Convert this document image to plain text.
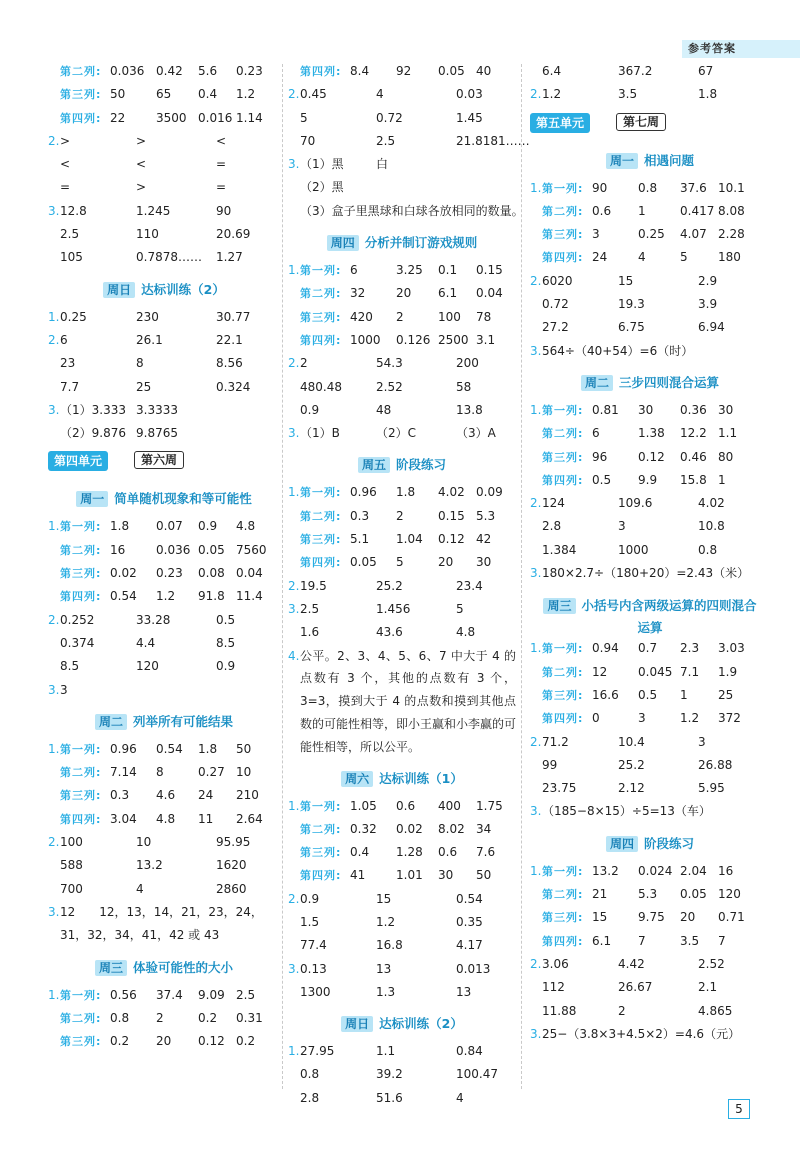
参考答案
第二列: 0.036 0.42 5.6 0.23
第三列: 50	65 0.4 1.2
第四列: 22	3500 0.016 1.14
2. >	>	<
<	<	=
=	>	=
3. 12.8	1.245	90
2.5	110	20.69
105	0.7878…… 1.27
周日 达标训练（2）
1. 0.25	230	30.77
2. 6	26.1	22.1
23	8	8.56
7.7	25	0.324
3. （1）3.333 3.3333
（2）9.876 9.8765
第四单元	第六周
周一 简单随机现象和等可能性
1. 第一列: 1.8 0.07 0.9 4.8
第二列: 16	0.036 0.05 7560
第三列: 0.02 0.23 0.08 0.04
第四列: 0.54 1.2 91.8 11.4
2. 0.252	33.28	0.5
0.374	4.4	8.5
8.5	120	0.9
3. 3
周二 列举所有可能结果
1. 第一列: 0.96 0.54 1.8 50
第二列: 7.14 8	0.27 10
第三列: 0.3 4.6 24 210
第四列: 3.04 4.8 11 2.64
2. 100	10	95.95
588	13.2	1620
700	4	2860
3. 12　　12，13，14，21，23，24，
31，32，34，41，42 或 43
周三 体验可能性的大小
1. 第一列: 0.56 37.4 9.09 2.5
第二列: 0.8 2	0.2 0.31
第三列: 0.2 20 0.12 0.2
第四列: 8.4 92 0.05 40
2. 0.45	4	0.03
5	0.72	1.45
70	2.5	21.8181……
3. （1）黑	白
（2）黑
（3）盒子里黑球和白球各放相同的数量。
周四 分析并制订游戏规则
1. 第一列: 6	3.25 0.1 0.15
第二列: 32	20 6.1 0.04
第三列: 420 2	100 78
第四列: 1000 0.126 2500 3.1
2. 2	54.3	200
480.48	2.52	58
0.9	48	13.8
3. （1）B	（2）C	（3）A
周五 阶段练习
1. 第一列: 0.96 1.8 4.02 0.09
第二列: 0.3 2	0.15 5.3
第三列: 5.1 1.04 0.12 42
第四列: 0.05 5	20 30
2. 19.5	25.2	23.4
3. 2.5	1.456	5
1.6	43.6	4.8
4. 公平。2、3、4、5、6、7 中大于 4 的点数有 3 个，其他的点数有 3 个，3=3，摸到大于 4 的点数和摸到其他点数的可能性相等，即小王赢和小李赢的可能性相等，所以公平。
周六 达标训练（1）
1. 第一列: 1.05 0.6 400 1.75
第二列: 0.32 0.02 8.02 34
第三列: 0.4 1.28 0.6 7.6
第四列: 41	1.01 30 50
2. 0.9	15	0.54
1.5	1.2	0.35
77.4	16.8	4.17
3. 0.13	13	0.013
1300	1.3	13
周日 达标训练（2）
1. 27.95	1.1	0.84
0.8	39.2	100.47
2.8	51.6	4
6.4	367.2	67
2. 1.2	3.5	1.8
第五单元	第七周
周一 相遇问题
1. 第一列: 90	0.8 37.6 10.1
第二列: 0.6 1	0.417 8.08
第三列: 3	0.25 4.07 2.28
第四列: 24	4	5	180
2. 6020	15	2.9
0.72	19.3	3.9
27.2	6.75	6.94
3. 564÷（40+54）=6（时）
周二 三步四则混合运算
1. 第一列: 0.81 30 0.36 30
第二列: 6	1.38 12.2 1.1
第三列: 96	0.12 0.46 80
第四列: 0.5 9.9 15.8 1
2. 124	109.6	4.02
2.8	3	10.8
1.384	1000	0.8
3. 180×2.7÷（180+20）=2.43（米）
周三 小括号内含两级运算的四则混合
运算
1. 第一列: 0.94 0.7 2.3 3.03
第二列: 12	0.045 7.1 1.9
第三列: 16.6 0.5 1	25
第四列: 0	3	1.2 372
2. 71.2	10.4	3
99	25.2	26.88
23.75	2.12	5.95
3. （185−8×15）÷5=13（车）
周四 阶段练习
1. 第一列: 13.2 0.024 2.04 16
第二列: 21	5.3 0.05 120
第三列: 15	9.75 20 0.71
第四列: 6.1 7	3.5 7
2. 3.06	4.42	2.52
112	26.67	2.1
11.88	2	4.865
3. 25−（3.8×3+4.5×2）=4.6（元）
5
